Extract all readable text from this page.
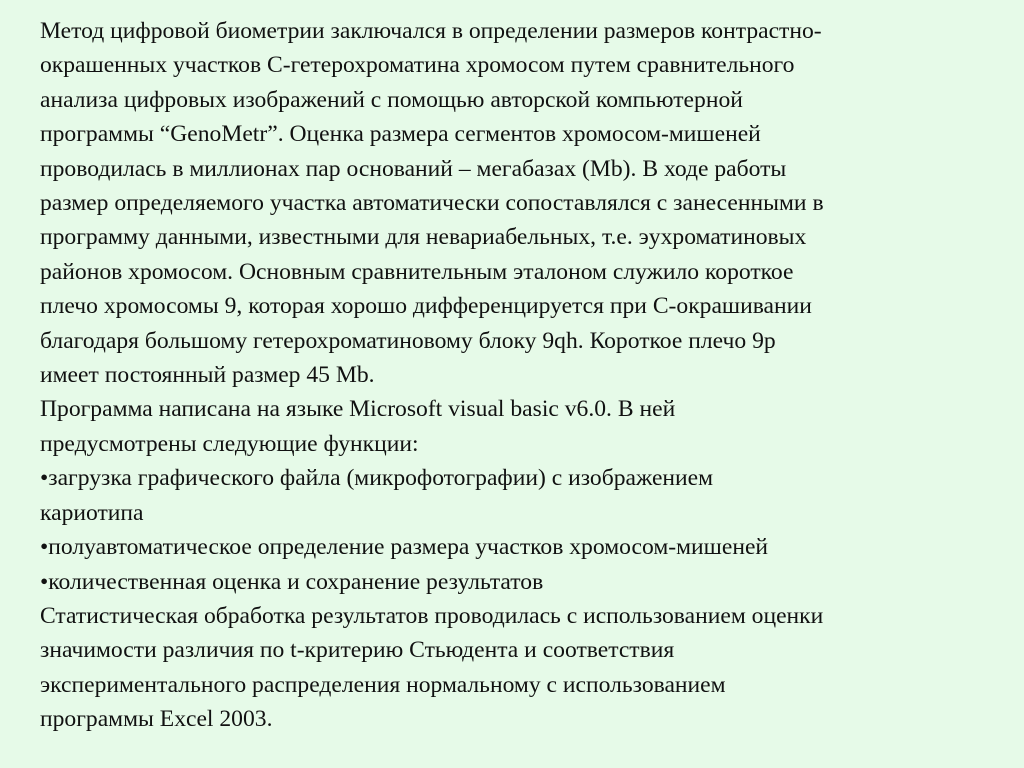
Метод цифровой биометрии заключался в определении размеров контрастно-
окрашенных участков С-гетерохроматина хромосом путем сравнительного
анализа цифровых изображений с помощью авторской компьютерной
программы “GenoMetr”. Оценка размера сегментов хромосом-мишеней
проводилась в миллионах пар оснований – мегабазах (Mb). В ходе работы
размер определяемого участка автоматически сопоставлялся с занесенными в
программу данными, известными для невариабельных, т.е. эухроматиновых
районов хромосом. Основным сравнительным эталоном служило короткое
плечо хромосомы 9, которая хорошо дифференцируется при С-окрашивании
благодаря большому гетерохроматиновому блоку 9qh. Короткое плечо 9p
имеет постоянный размер 45 Mb.
Программа написана на языке Microsoft visual basic v6.0. В ней
предусмотрены следующие функции:
•загрузка графического файла (микрофотографии) с изображением
кариотипа
•полуавтоматическое определение размера участков хромосом-мишеней
•количественная оценка и сохранение результатов
Статистическая обработка результатов проводилась с использованием оценки
значимости различия по t-критерию Стьюдента и соответствия
экспериментального распределения нормальному с использованием
программы Excel 2003.
